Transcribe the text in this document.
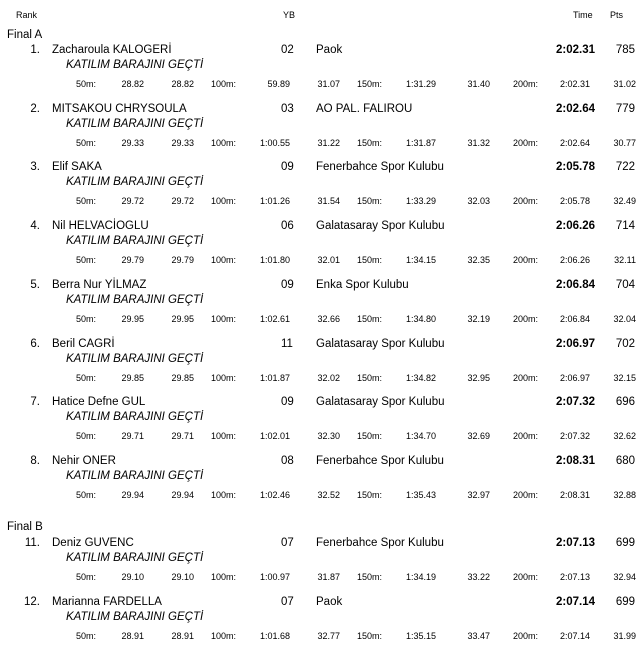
Rank	YB	Time Pts
Final A
1. Zacharoula KALOGERİ	02 Paok	2:02.31	785
KATILIM BARAJINI GEÇTİ
50m:	28.82	28.82	100m:	59.89	31.07	150m:	1:31.29	31.40	200m:	2:02.31	31.02
2. MITSAKOU CHRYSOULA	03 AO PAL. FALIROU	2:02.64	779
KATILIM BARAJINI GEÇTİ
50m:	29.33	29.33	100m:	1:00.55	31.22	150m:	1:31.87	31.32	200m:	2:02.64	30.77
3. Elif SAKA	09 Fenerbahce Spor Kulubu	2:05.78	722
KATILIM BARAJINI GEÇTİ
50m:	29.72	29.72	100m:	1:01.26	31.54	150m:	1:33.29	32.03	200m:	2:05.78	32.49
4. Nil HELVACİOGLU	06 Galatasaray Spor Kulubu	2:06.26	714
KATILIM BARAJINI GEÇTİ
50m:	29.79	29.79	100m:	1:01.80	32.01	150m:	1:34.15	32.35	200m:	2:06.26	32.11
5. Berra Nur YİLMAZ	09 Enka Spor Kulubu	2:06.84	704
KATILIM BARAJINI GEÇTİ
50m:	29.95	29.95	100m:	1:02.61	32.66	150m:	1:34.80	32.19	200m:	2:06.84	32.04
6. Beril CAGRİ	11 Galatasaray Spor Kulubu	2:06.97	702
KATILIM BARAJINI GEÇTİ
50m:	29.85	29.85	100m:	1:01.87	32.02	150m:	1:34.82	32.95	200m:	2:06.97	32.15
7. Hatice Defne GUL	09 Galatasaray Spor Kulubu	2:07.32	696
KATILIM BARAJINI GEÇTİ
50m:	29.71	29.71	100m:	1:02.01	32.30	150m:	1:34.70	32.69	200m:	2:07.32	32.62
8. Nehir ONER	08 Fenerbahce Spor Kulubu	2:08.31	680
KATILIM BARAJINI GEÇTİ
50m:	29.94	29.94	100m:	1:02.46	32.52	150m:	1:35.43	32.97	200m:	2:08.31	32.88
Final B
11. Deniz GUVENC	07 Fenerbahce Spor Kulubu	2:07.13	699
KATILIM BARAJINI GEÇTİ
50m:	29.10	29.10	100m:	1:00.97	31.87	150m:	1:34.19	33.22	200m:	2:07.13	32.94
12. Marianna FARDELLA	07 Paok	2:07.14	699
KATILIM BARAJINI GEÇTİ
50m:	28.91	28.91	100m:	1:01.68	32.77	150m:	1:35.15	33.47	200m:	2:07.14	31.99
